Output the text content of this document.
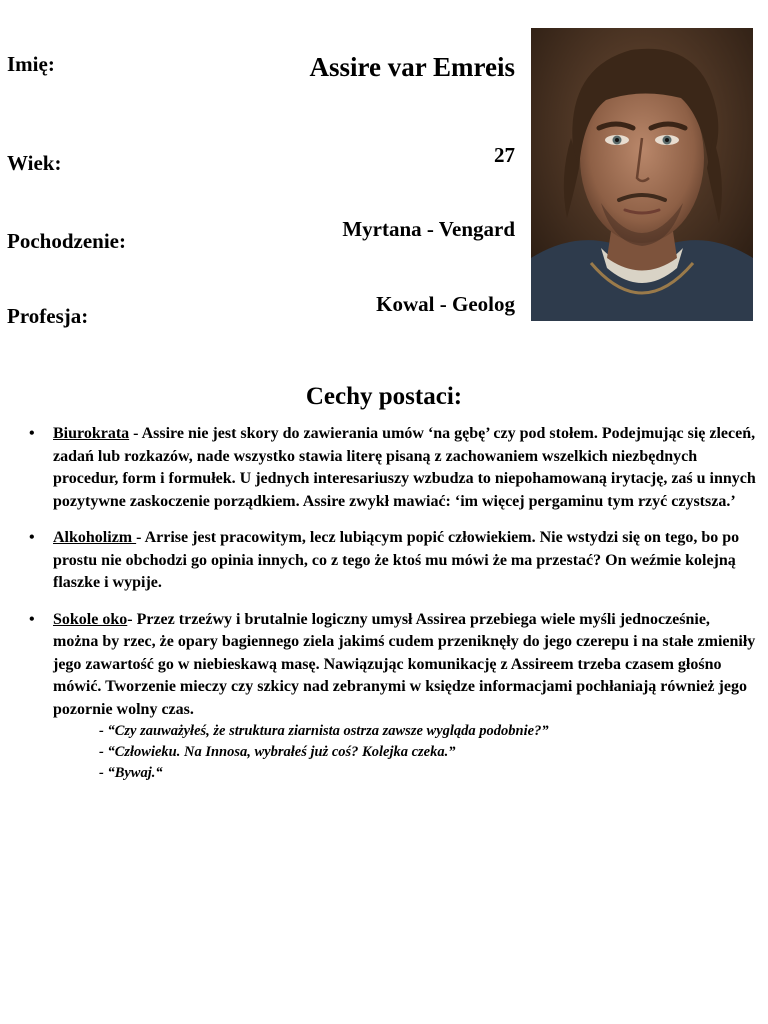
Imię:	Assire var Emreis
Wiek:	27
Pochodzenie:	Myrtana - Vengard
Profesja:	Kowal - Geolog
Cechy postaci:
• Biurokrata - Assire nie jest skory do zawierania umów ‘na gębę’ czy pod stołem. Podejmując się zleceń, zadań lub rozkazów, nade wszystko stawia literę pisaną z zachowaniem wszelkich niezbędnych procedur, form i formułek. U jednych interesariuszy wzbudza to niepohamowaną irytację, zaś u innych pozytywne zaskoczenie porządkiem. Assire zwykł mawiać: ‘im więcej pergaminu tym rzyć czystsza.’
• Alkoholizm - Arrise jest pracowitym, lecz lubiącym popić człowiekiem. Nie wstydzi się on tego, bo po prostu nie obchodzi go opinia innych, co z tego że ktoś mu mówi że ma przestać? On weźmie kolejną flaszke i wypije.
• Sokole oko- Przez trzeźwy i brutalnie logiczny umysł Assirea przebiega wiele myśli jednocześnie, można by rzec, że opary bagiennego ziela jakimś cudem przeniknęły do jego czerepu i na stałe zmieniły jego zawartość go w niebieskawą masę. Nawiązując komunikację z Assireem trzeba czasem głośno mówić. Tworzenie mieczy czy szkicy nad zebranymi w księdze informacjami pochłaniają również jego pozornie wolny czas.
- “Czy zauważyłeś, że struktura ziarnista ostrza zawsze wygląda podobnie?”
- “Człowieku. Na Innosa, wybrałeś już coś? Kolejka czeka.”
- “Bywaj.“
